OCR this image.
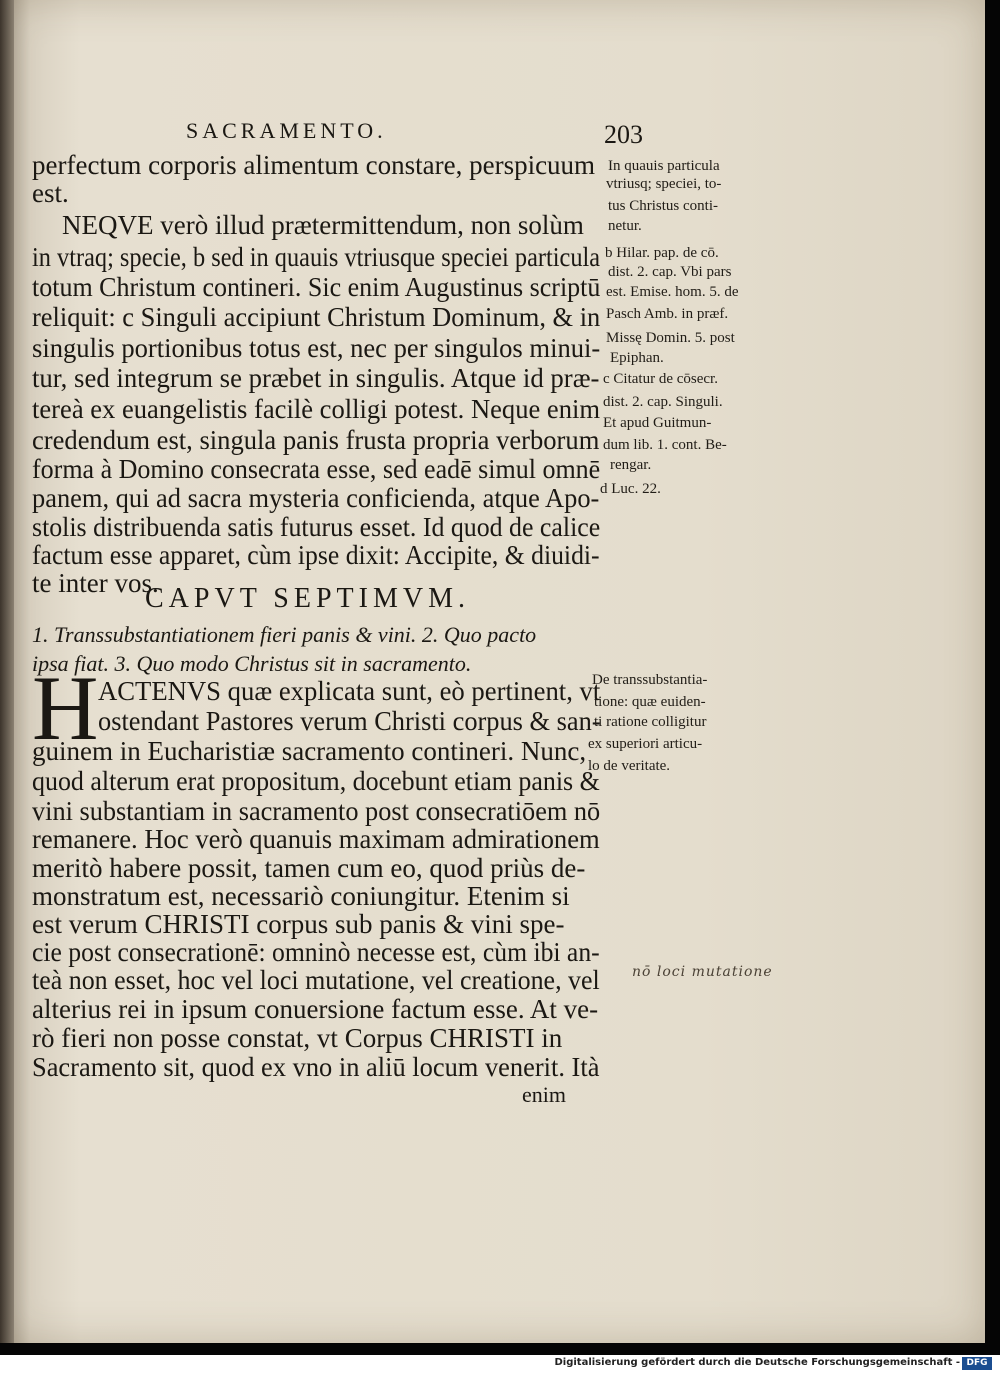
SACRAMENTO.	203
perfectum corporis alimentum constare, perspicuum
est.
NEQVE verò illud prætermittendum, non solùm
in vtraq; specie, b sed in quauis vtriusque speciei particula
totum Christum contineri. Sic enim Augustinus scriptū
reliquit: c Singuli accipiunt Christum Dominum, & in
singulis portionibus totus est, nec per singulos minui-
tur, sed integrum se præbet in singulis. Atque id præ-
tereà ex euangelistis facilè colligi potest. Neque enim
credendum est, singula panis frusta propria verborum
forma à Domino consecrata esse, sed eadē simul omnē
panem, qui ad sacra mysteria conficienda, atque Apo-
stolis distribuenda satis futurus esset. Id quod de calice
factum esse apparet, cùm ipse dixit: Accipite, & diuidi-
te inter vos.
CAPVT SEPTIMVM.
1. Transsubstantiationem fieri panis & vini. 2. Quo pacto
ipsa fiat. 3. Quo modo Christus sit in sacramento.
H ACTENVS quæ explicata sunt, eò pertinent, vt
ostendant Pastores verum Christi corpus & san-
guinem in Eucharistiæ sacramento contineri. Nunc,
quod alterum erat propositum, docebunt etiam panis &
vini substantiam in sacramento post consecratiōem nō
remanere. Hoc verò quanuis maximam admirationem
meritò habere possit, tamen cum eo, quod priùs de-
monstratum est, necessariò coniungitur. Etenim si
est verum CHRISTI corpus sub panis & vini spe-
cie post consecrationē: omninò necesse est, cùm ibi an-
teà non esset, hoc vel loci mutatione, vel creatione, vel
alterius rei in ipsum conuersione factum esse. At ve-
rò fieri non posse constat, vt Corpus CHRISTI in
Sacramento sit, quod ex vno in aliū locum venerit. Ità
enim
In quauis particula
vtriusq; speciei, to-
tus Christus conti-
netur.
b Hilar. pap. de cō.
dist. 2. cap. Vbi pars
est. Emise. hom. 5. de
Pasch Amb. in præf.
Missę Domin. 5. post
Epiphan.
c Citatur de cōsecr.
dist. 2. cap. Singuli.
Et apud Guitmun-
dum lib. 1. cont. Be-
rengar.
d Luc. 22.
De transsubstantia-
tione: quæ euiden-
ti ratione colligitur
ex superiori articu-
lo de veritate.
nō loci mutatione
Digitalisierung gefördert durch die Deutsche Forschungsgemeinschaft - DFG
